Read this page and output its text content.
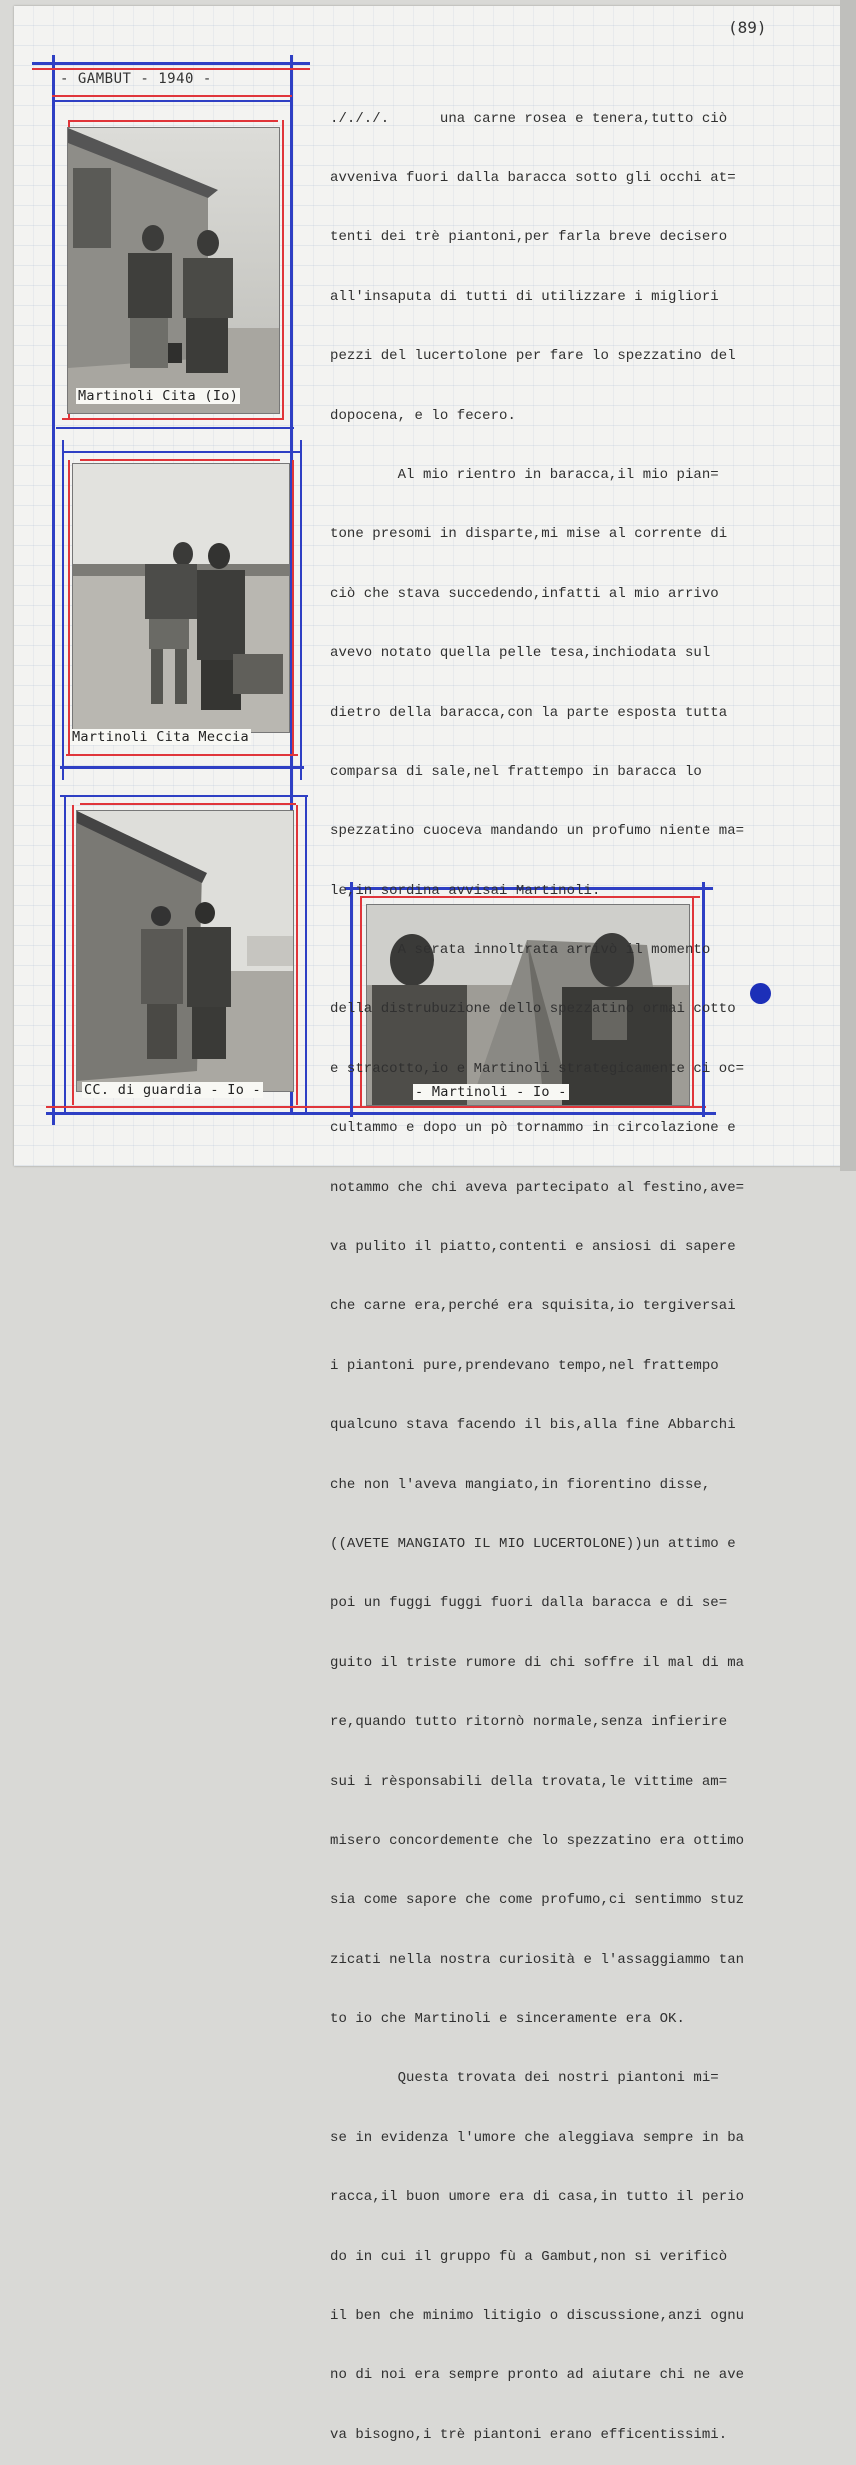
(89)
- GAMBUT - 1940 -
Martinoli Cita (Io)
Martinoli Cita Meccia
CC. di guardia - Io -	- Martinoli - Io -

./././.      una carne rosea e tenera,tutto ciò

avveniva fuori dalla baracca sotto gli occhi at=

tenti dei trè piantoni,per farla breve decisero

all'insaputa di tutti di utilizzare i migliori

pezzi del lucertolone per fare lo spezzatino del

dopocena, e lo fecero.

Al mio rientro in baracca,il mio pian=

tone presomi in disparte,mi mise al corrente di

ciò che stava succedendo,infatti al mio arrivo

avevo notato quella pelle tesa,inchiodata sul

dietro della baracca,con la parte esposta tutta

comparsa di sale,nel frattempo in baracca lo

spezzatino cuoceva mandando un profumo niente ma=

le,in sordina avvisai Martinoli.

A serata innoltrata arrivò il momento

della distrubuzione dello spezzatino ormai cotto

e stracotto,io e Martinoli strategicamente ci oc=

cultammo e dopo un pò tornammo in circolazione e

notammo che chi aveva partecipato al festino,ave=

va pulito il piatto,contenti e ansiosi di sapere

che carne era,perché era squisita,io tergiversai

i piantoni pure,prendevano tempo,nel frattempo

qualcuno stava facendo il bis,alla fine Abbarchi

che non l'aveva mangiato,in fiorentino disse,

((AVETE MANGIATO IL MIO LUCERTOLONE))un attimo e

poi un fuggi fuggi fuori dalla baracca e di se=

guito il triste rumore di chi soffre il mal di ma

re,quando tutto ritornò normale,senza infierire

sui i rèsponsabili della trovata,le vittime am=

misero concordemente che lo spezzatino era ottimo

sia come sapore che come profumo,ci sentimmo stuz

zicati nella nostra curiosità e l'assaggiammo tan

to io che Martinoli e sinceramente era OK.

Questa trovata dei nostri piantoni mi=

se in evidenza l'umore che aleggiava sempre in ba

racca,il buon umore era di casa,in tutto il perio

do in cui il gruppo fù a Gambut,non si verificò

il ben che minimo litigio o discussione,anzi ognu

no di noi era sempre pronto ad aiutare chi ne ave

va bisogno,i trè piantoni erano efficentissimi.
